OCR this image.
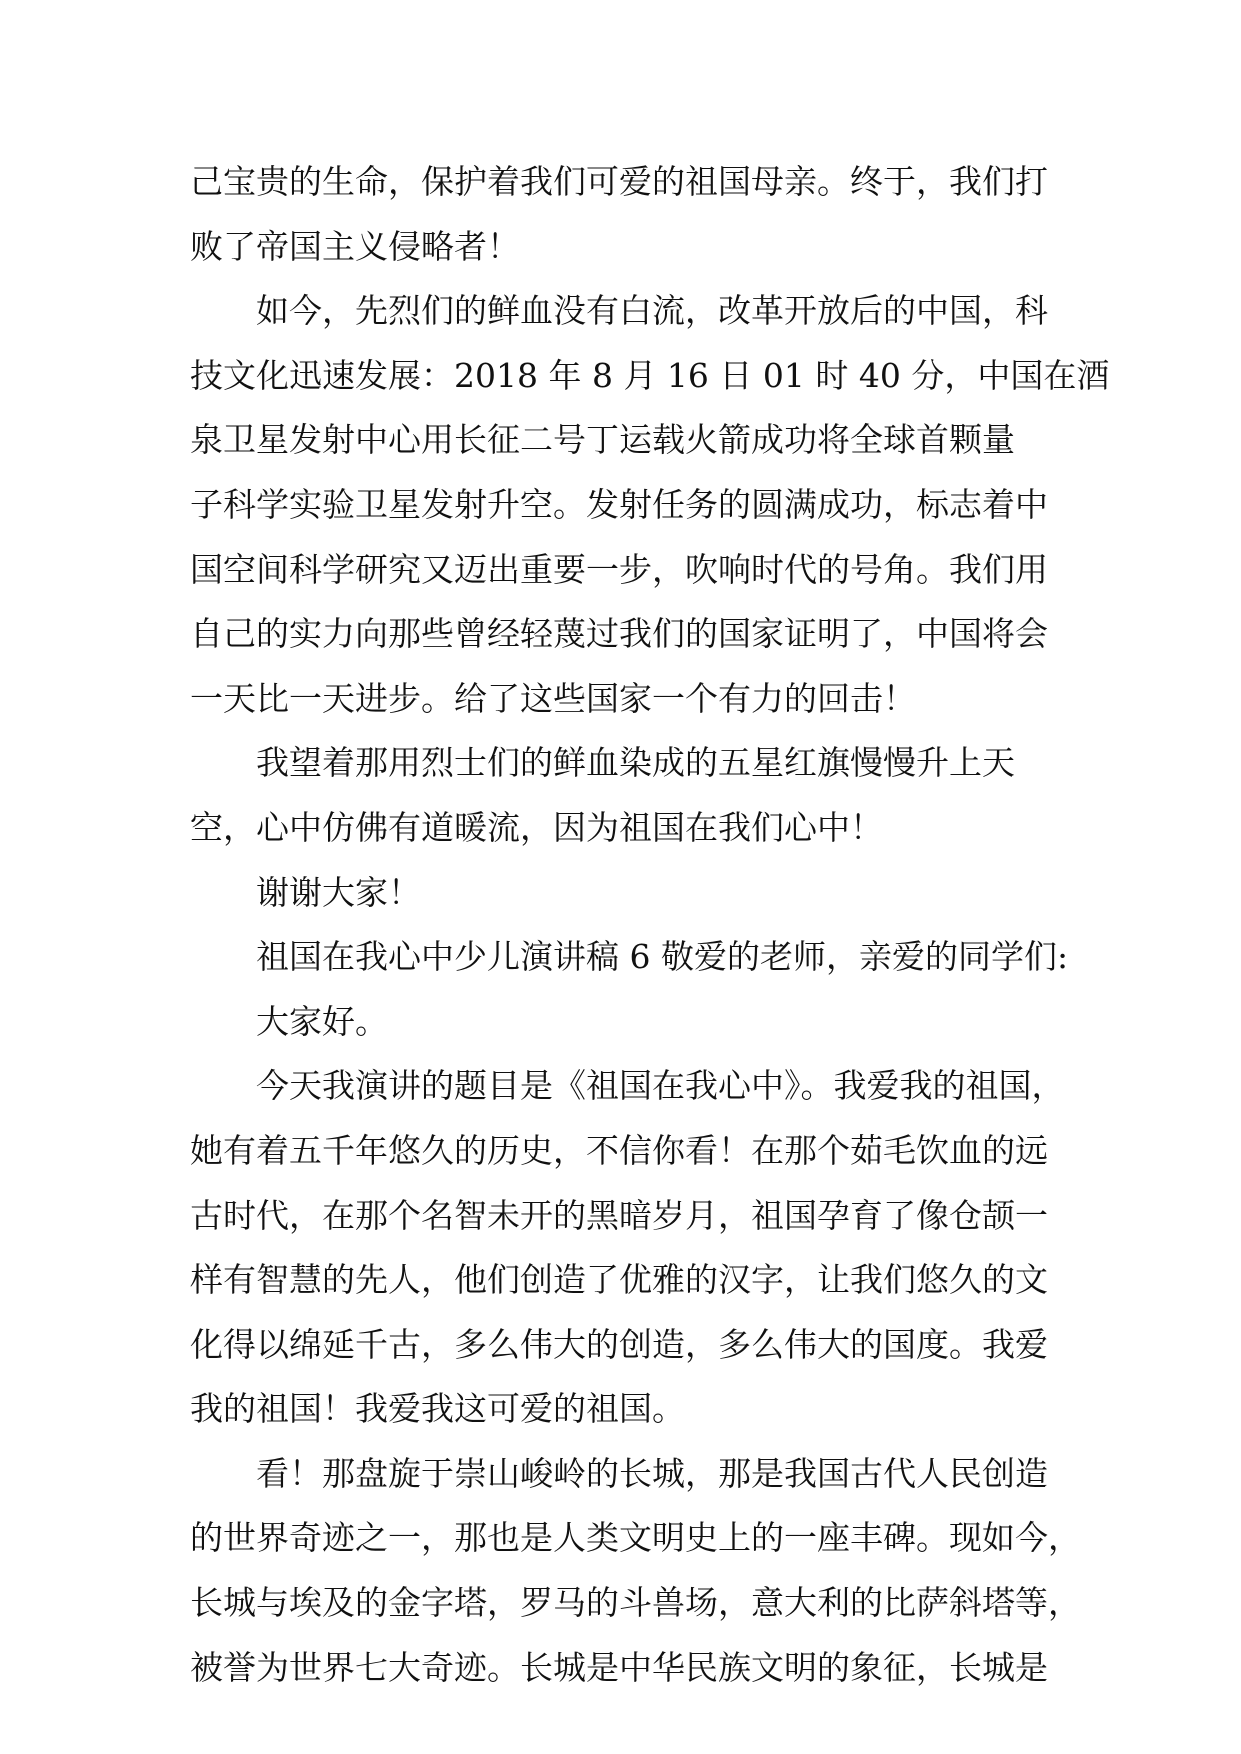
己宝贵的生命，保护着我们可爱的祖国母亲。终于，我们打
败了帝国主义侵略者！
如今，先烈们的鲜血没有白流，改革开放后的中国，科
技文化迅速发展：2018 年 8 月 16 日 01 时 40 分，中国在酒
泉卫星发射中心用长征二号丁运载火箭成功将全球首颗量
子科学实验卫星发射升空。发射任务的圆满成功，标志着中
国空间科学研究又迈出重要一步，吹响时代的号角。我们用
自己的实力向那些曾经轻蔑过我们的国家证明了，中国将会
一天比一天进步。给了这些国家一个有力的回击！
我望着那用烈士们的鲜血染成的五星红旗慢慢升上天
空，心中仿佛有道暖流，因为祖国在我们心中！
谢谢大家！
祖国在我心中少儿演讲稿 6 敬爱的老师，亲爱的同学们:
大家好。
今天我演讲的题目是《祖国在我心中》。我爱我的祖国，
她有着五千年悠久的历史，不信你看！在那个茹毛饮血的远
古时代，在那个名智未开的黑暗岁月，祖国孕育了像仓颉一
样有智慧的先人，他们创造了优雅的汉字，让我们悠久的文
化得以绵延千古，多么伟大的创造，多么伟大的国度。我爱
我的祖国！我爱我这可爱的祖国。
看！那盘旋于崇山峻岭的长城，那是我国古代人民创造
的世界奇迹之一，那也是人类文明史上的一座丰碑。现如今，
长城与埃及的金字塔，罗马的斗兽场，意大利的比萨斜塔等，
被誉为世界七大奇迹。长城是中华民族文明的象征，长城是
